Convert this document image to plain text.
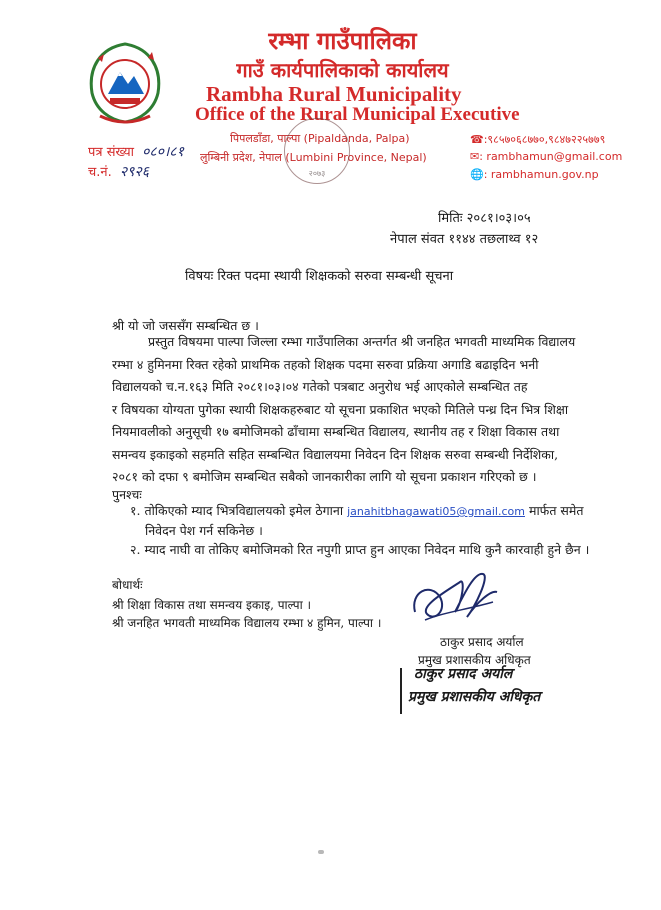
रम्भा गाउँपालिका
गाउँ कार्यपालिकाको कार्यालय
Rambha Rural Municipality
Office of the Rural Municipal Executive
पिपलडाँडा, पाल्पा (Pipaldanda, Palpa)
लुम्बिनी प्रदेश, नेपाल (Lumbini Province, Nepal)
२०७३
☎:९८५७०६८७७०,९८४७२२५७७९
✉: rambhamun@gmail.com
🌐: rambhamun.gov.np
पत्र संख्या ०८०।८१
च.नं. २९२६
मितिः २०८१।०३।०५
नेपाल संवत ११४४ तछलाथ्व १२
विषयः रिक्त पदमा स्थायी शिक्षकको सरुवा सम्बन्धी सूचना
श्री यो जो जससँग सम्बन्धित छ ।
प्रस्तुत विषयमा पाल्पा जिल्ला रम्भा गाउँपालिका अन्तर्गत श्री जनहित भगवती माध्यमिक विद्यालय
रम्भा ४ हुमिनमा रिक्त रहेको प्राथमिक तहको शिक्षक पदमा सरुवा प्रक्रिया अगाडि बढाइदिन भनी
विद्यालयको च.न.१६३ मिति २०८१।०३।०४ गतेको पत्रबाट अनुरोध भई आएकोले सम्बन्धित तह
र विषयका योग्यता पुगेका स्थायी शिक्षकहरुबाट यो सूचना प्रकाशित भएको मितिले पन्ध्र दिन भित्र शिक्षा
नियमावलीको अनुसूची १७ बमोजिमको ढाँचामा सम्बन्धित विद्यालय, स्थानीय तह र शिक्षा विकास तथा
समन्वय इकाइको सहमति सहित सम्बन्धित विद्यालयमा निवेदन दिन शिक्षक सरुवा सम्बन्धी निर्देशिका,
२०८१ को दफा ९ बमोजिम सम्बन्धित सबैको जानकारीका लागि यो सूचना प्रकाशन गरिएको छ ।
पुनश्चः
१. तोकिएको म्याद भित्रविद्यालयको इमेल ठेगाना janahitbhagawati05@gmail.com मार्फत समेत
निवेदन पेश गर्न सकिनेछ ।
२. म्याद नाघी वा तोकिए बमोजिमको रित नपुगी प्राप्त हुन आएका निवेदन माथि कुनै कारवाही हुने छैन ।
बोधार्थः
श्री शिक्षा विकास तथा समन्वय इकाइ, पाल्पा ।
श्री जनहित भगवती माध्यमिक विद्यालय रम्भा ४ हुमिन, पाल्पा ।
ठाकुर प्रसाद अर्याल
प्रमुख प्रशासकीय अधिकृत
ठाकुर प्रसाद अर्याल
प्रमुख प्रशासकीय अधिकृत
